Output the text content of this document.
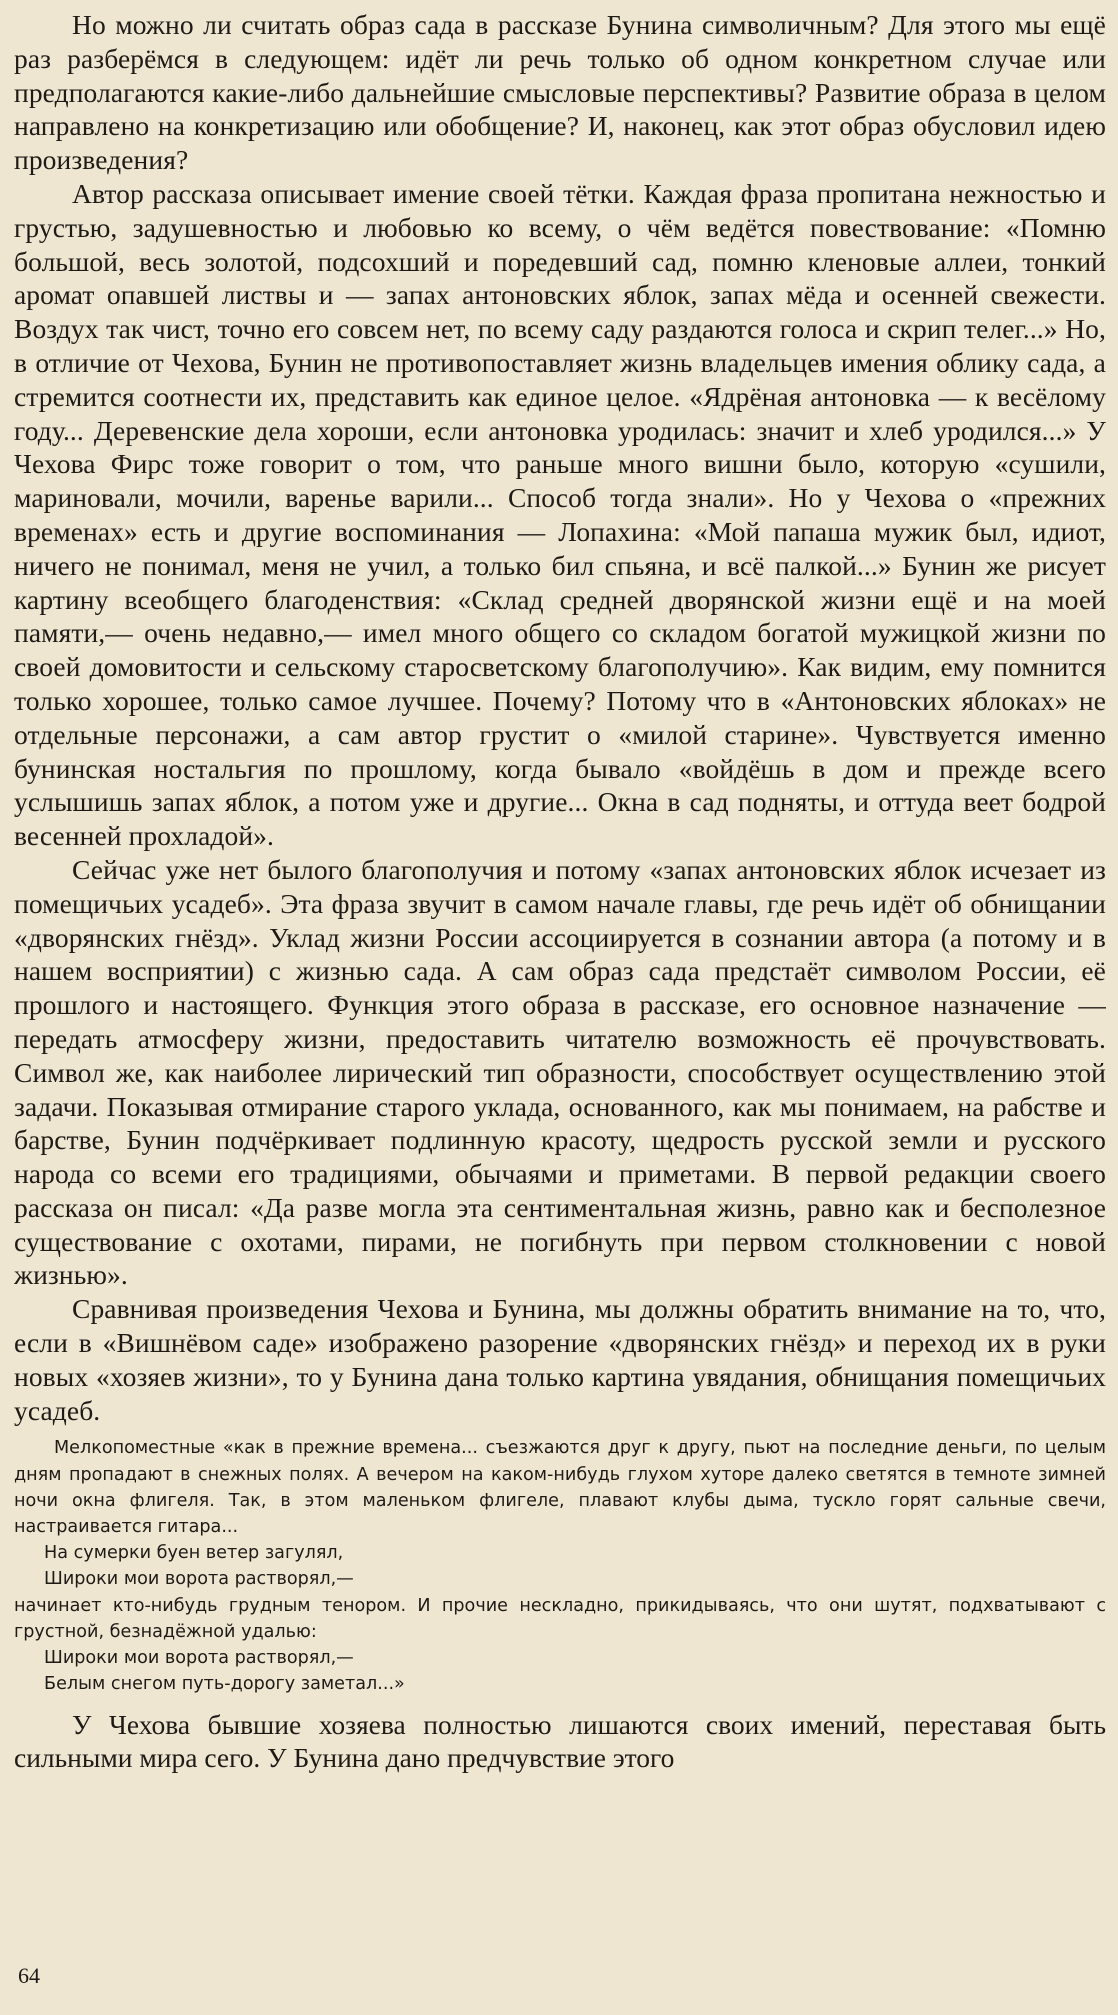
Но можно ли считать образ сада в рассказе Бунина символичным? Для этого мы ещё раз разберёмся в следующем: идёт ли речь только об одном конкретном случае или предполагаются какие-либо дальнейшие смысловые перспективы? Развитие образа в целом направлено на конкретизацию или обобщение? И, наконец, как этот образ обусловил идею произведения?

Автор рассказа описывает имение своей тётки. Каждая фраза пропитана нежностью и грустью, задушевностью и любовью ко всему, о чём ведётся повествование: «Помню большой, весь золотой, подсохший и поредевший сад, помню кленовые аллеи, тонкий аромат опавшей листвы и — запах антоновских яблок, запах мёда и осенней свежести. Воздух так чист, точно его совсем нет, по всему саду раздаются голоса и скрип телег...» Но, в отличие от Чехова, Бунин не противопоставляет жизнь владельцев имения облику сада, а стремится соотнести их, представить как единое целое. «Ядрёная антоновка — к весёлому году... Деревенские дела хороши, если антоновка уродилась: значит и хлеб уродился...» У Чехова Фирс тоже говорит о том, что раньше много вишни было, которую «сушили, мариновали, мочили, варенье варили... Способ тогда знали». Но у Чехова о «прежних временах» есть и другие воспоминания — Лопахина: «Мой папаша мужик был, идиот, ничего не понимал, меня не учил, а только бил спьяна, и всё палкой...» Бунин же рисует картину всеобщего благоденствия: «Склад средней дворянской жизни ещё и на моей памяти,— очень недавно,— имел много общего со складом богатой мужицкой жизни по своей домовитости и сельскому старосветскому благополучию». Как видим, ему помнится только хорошее, только самое лучшее. Почему? Потому что в «Антоновских яблоках» не отдельные персонажи, а сам автор грустит о «милой старине». Чувствуется именно бунинская ностальгия по прошлому, когда бывало «войдёшь в дом и прежде всего услышишь запах яблок, а потом уже и другие... Окна в сад подняты, и оттуда веет бодрой весенней прохладой».

Сейчас уже нет былого благополучия и потому «запах антоновских яблок исчезает из помещичьих усадеб». Эта фраза звучит в самом начале главы, где речь идёт об обнищании «дворянских гнёзд». Уклад жизни России ассоциируется в сознании автора (а потому и в нашем восприятии) с жизнью сада. А сам образ сада предстаёт символом России, её прошлого и настоящего. Функция этого образа в рассказе, его основное назначение — передать атмосферу жизни, предоставить читателю возможность её прочувствовать. Символ же, как наиболее лирический тип образности, способствует осуществлению этой задачи. Показывая отмирание старого уклада, основанного, как мы понимаем, на рабстве и барстве, Бунин подчёркивает подлинную красоту, щедрость русской земли и русского народа со всеми его традициями, обычаями и приметами. В первой редакции своего рассказа он писал: «Да разве могла эта сентиментальная жизнь, равно как и бесполезное существование с охотами, пирами, не погибнуть при первом столкновении с новой жизнью».

Сравнивая произведения Чехова и Бунина, мы должны обратить внимание на то, что, если в «Вишнёвом саде» изображено разорение «дворянских гнёзд» и переход их в руки новых «хозяев жизни», то у Бунина дана только картина увядания, обнищания помещичьих усадеб.

Мелкопоместные «как в прежние времена... съезжаются друг к другу, пьют на последние деньги, по целым дням пропадают в снежных полях. А вечером на каком-нибудь глухом хуторе далеко светятся в темноте зимней ночи окна флигеля. Так, в этом маленьком флигеле, плавают клубы дыма, тускло горят сальные свечи, настраивается гитара...

На сумерки буен ветер загулял,
Широки мои ворота растворял,—

начинает кто-нибудь грудным тенором. И прочие нескладно, прикидываясь, что они шутят, подхватывают с грустной, безнадёжной удалью:

Широки мои ворота растворял,—
Белым снегом путь-дорогу заметал...»

У Чехова бывшие хозяева полностью лишаются своих имений, переставая быть сильными мира сего. У Бунина дано предчувствие этого

64
